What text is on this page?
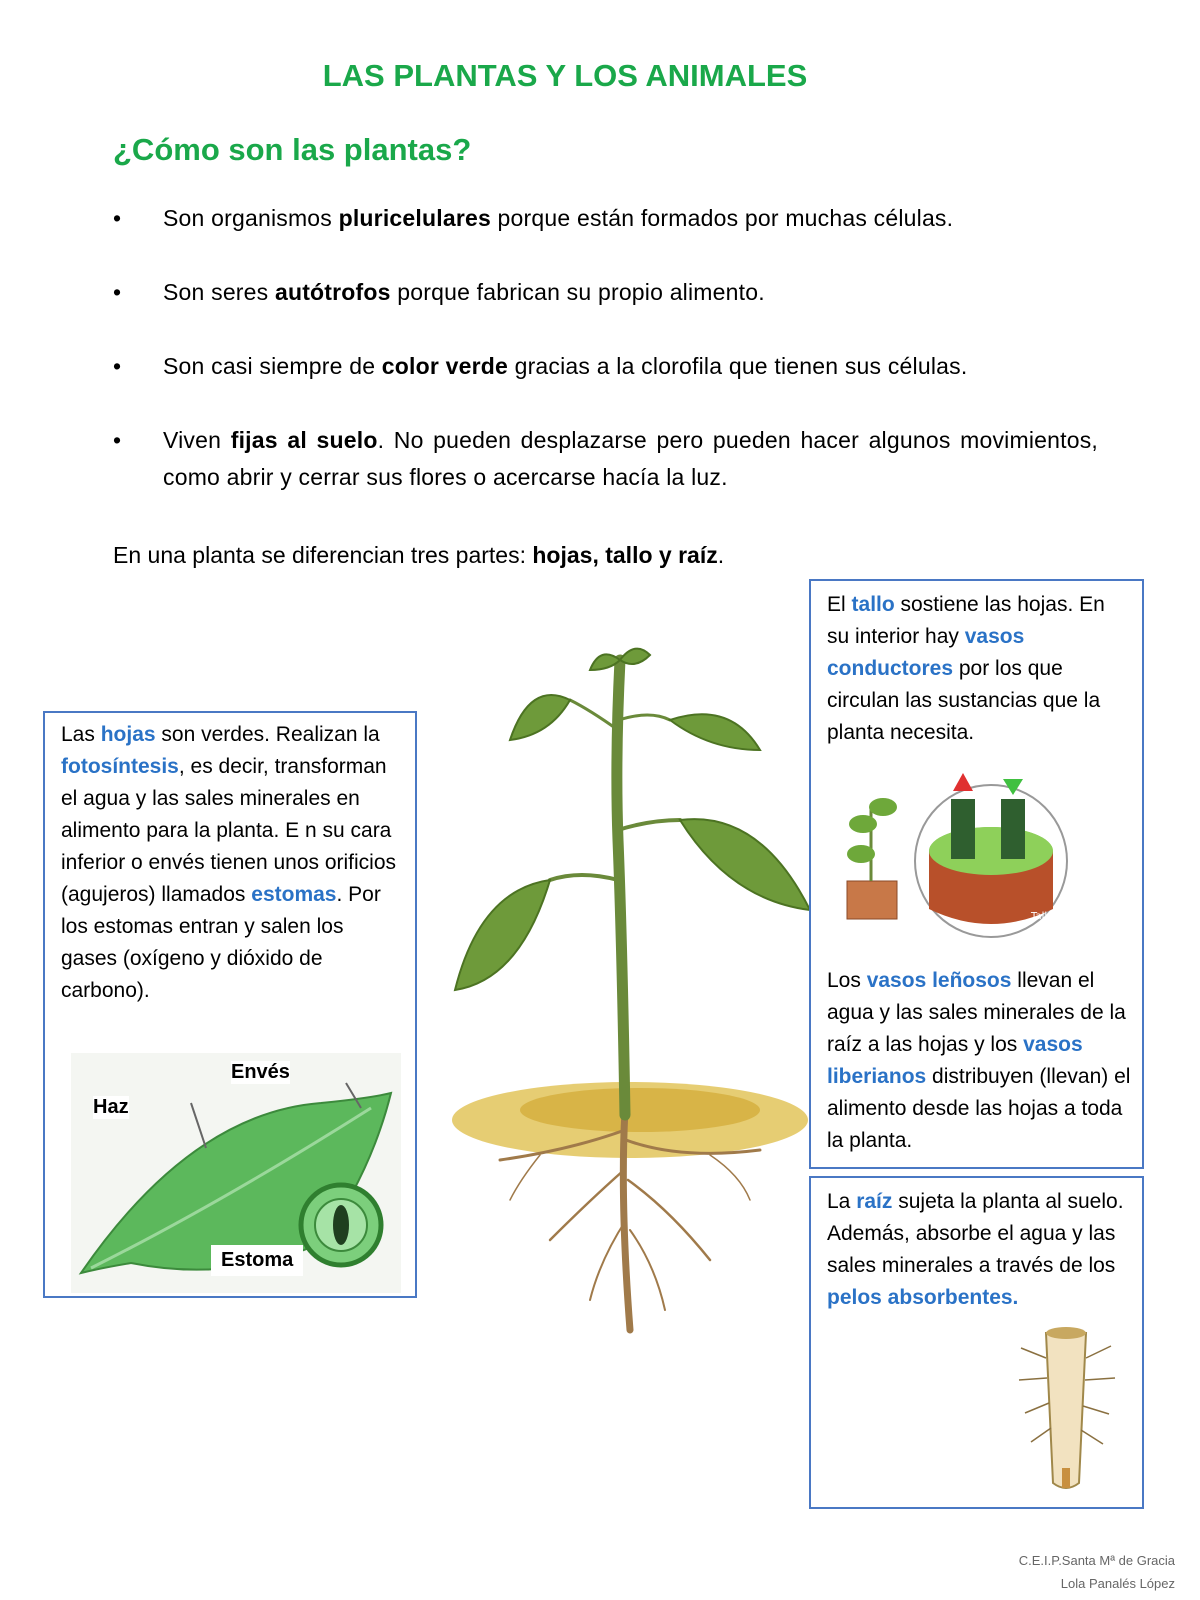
LAS PLANTAS Y LOS ANIMALES
¿Cómo son las plantas?
• Son organismos pluricelulares porque están formados por muchas células.
• Son seres autótrofos porque fabrican su propio alimento.
• Son casi siempre de color verde gracias a la clorofila que tienen sus células.
• Viven fijas al suelo. No pueden desplazarse pero pueden hacer algunos movimientos, como abrir y cerrar sus flores o acercarse hacía la luz.
En una planta se diferencian tres partes: hojas, tallo y raíz.

Las hojas son verdes. Realizan la fotosíntesis, es decir, transforman el agua y las sales minerales en alimento para la planta. E n su cara inferior o envés tienen unos orificios (agujeros) llamados estomas. Por los estomas entran y salen los gases (oxígeno y dióxido de carbono).

Envés
Haz
Estoma

El tallo sostiene las hojas. En su interior hay vasos conductores por los que circulan las sustancias que la planta necesita.

Tallo

Los vasos leñosos llevan el agua y las sales minerales de la raíz a las hojas y los vasos liberianos distribuyen (llevan) el alimento desde las hojas a toda la planta.

La raíz sujeta la planta al suelo. Además, absorbe el agua y las sales minerales a través de los pelos absorbentes.

C.E.I.P.Santa Mª de Gracia
Lola Panalés López
